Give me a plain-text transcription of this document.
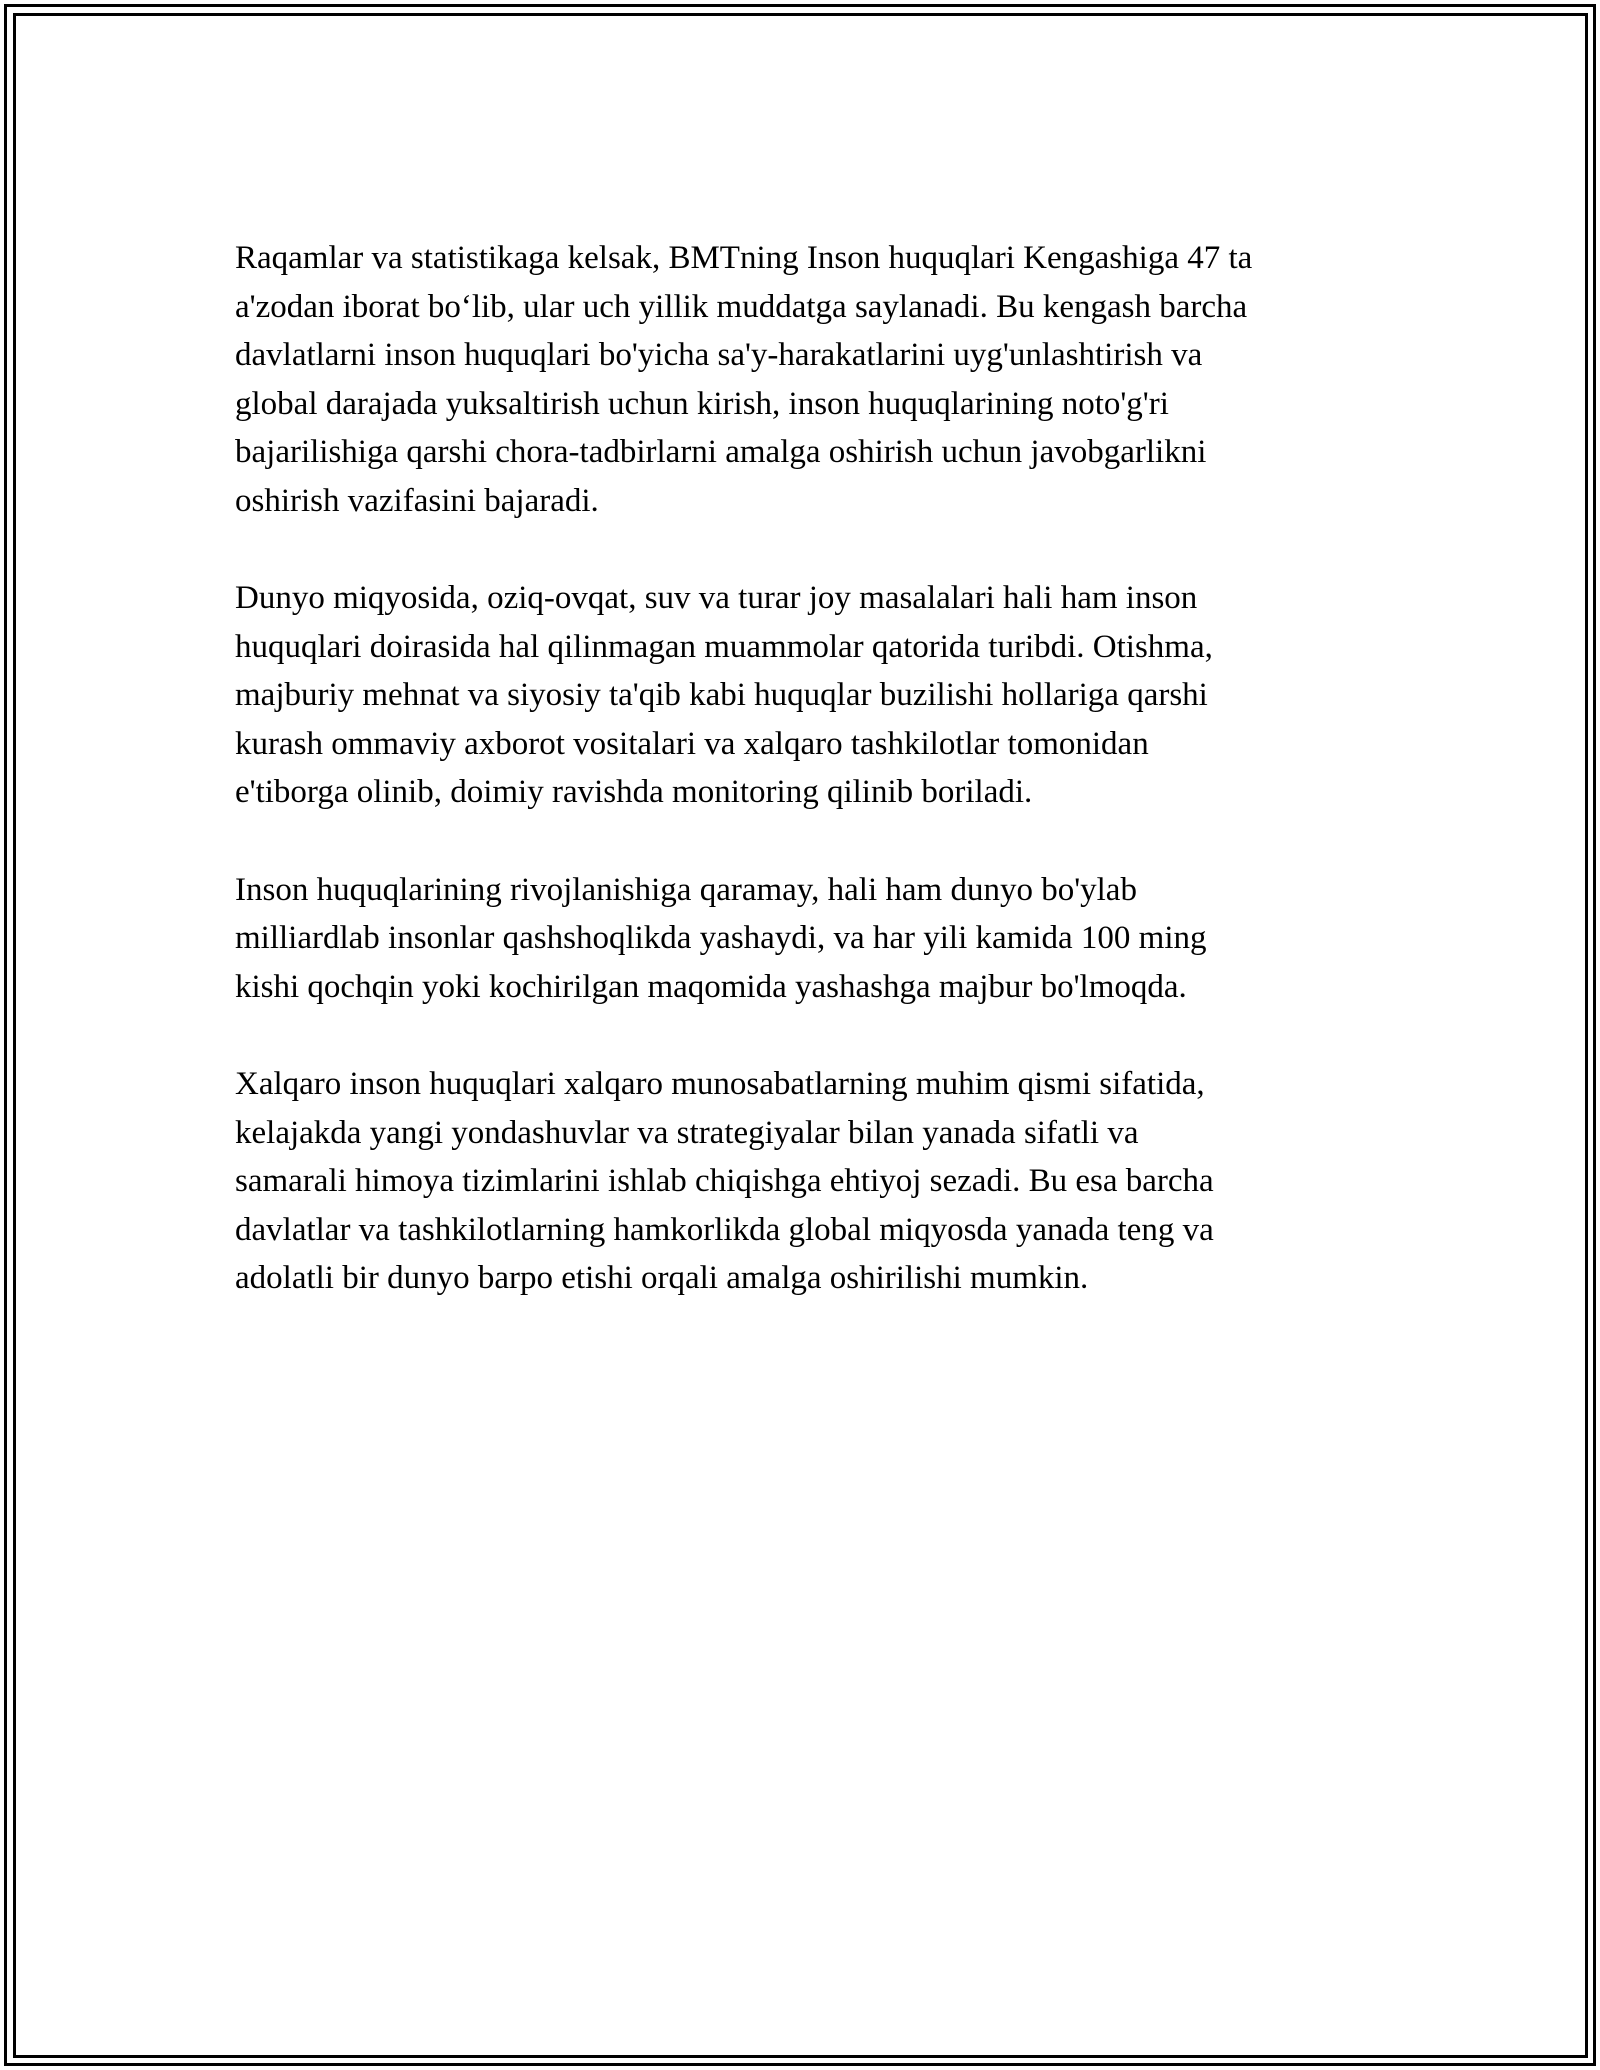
Raqamlar va statistikaga kelsak, BMTning Inson huquqlari Kengashiga 47 ta
a'zodan iborat bo‘lib, ular uch yillik muddatga saylanadi. Bu kengash barcha
davlatlarni inson huquqlari bo'yicha sa'y-harakatlarini uyg'unlashtirish va
global darajada yuksaltirish uchun kirish, inson huquqlarining noto'g'ri
bajarilishiga qarshi chora-tadbirlarni amalga oshirish uchun javobgarlikni
oshirish vazifasini bajaradi.

Dunyo miqyosida, oziq-ovqat, suv va turar joy masalalari hali ham inson
huquqlari doirasida hal qilinmagan muammolar qatorida turibdi. Otishma,
majburiy mehnat va siyosiy ta'qib kabi huquqlar buzilishi hollariga qarshi
kurash ommaviy axborot vositalari va xalqaro tashkilotlar tomonidan
e'tiborga olinib, doimiy ravishda monitoring qilinib boriladi.

Inson huquqlarining rivojlanishiga qaramay, hali ham dunyo bo'ylab
milliardlab insonlar qashshoqlikda yashaydi, va har yili kamida 100 ming
kishi qochqin yoki kochirilgan maqomida yashashga majbur bo'lmoqda.

Xalqaro inson huquqlari xalqaro munosabatlarning muhim qismi sifatida,
kelajakda yangi yondashuvlar va strategiyalar bilan yanada sifatli va
samarali himoya tizimlarini ishlab chiqishga ehtiyoj sezadi. Bu esa barcha
davlatlar va tashkilotlarning hamkorlikda global miqyosda yanada teng va
adolatli bir dunyo barpo etishi orqali amalga oshirilishi mumkin.
